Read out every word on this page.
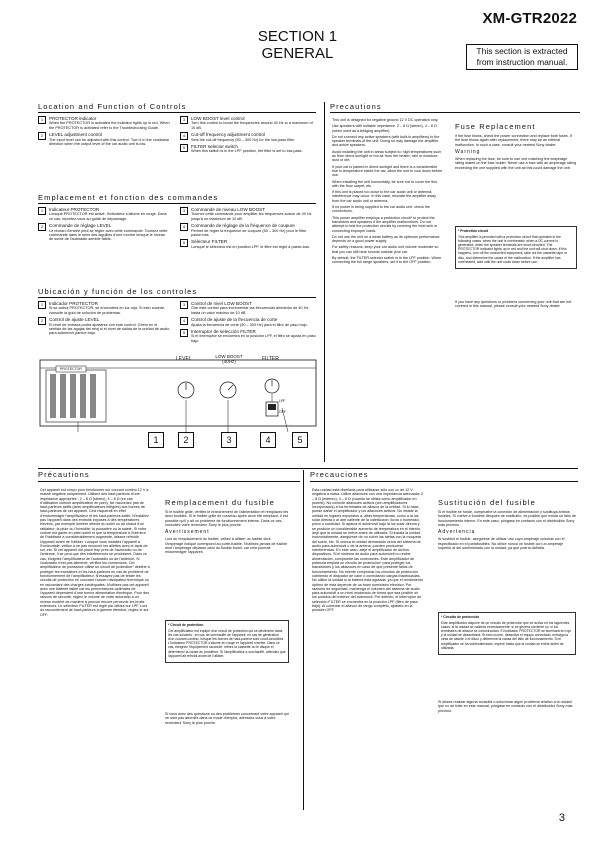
XM-GTR2022
SECTION 1
GENERAL	This section is extracted from instruction manual.
Location and Function of Controls
1	PROTECTOR indicator
When the PROTECTOR is activated the indicator lights up in red. When the PROTECTOR is activated refer to the Troubleshooting Guide.
2	LEVEL adjustment control
The input level can be adjusted with this control. Turn it in the clockwise direction when the output level of the car audio unit is low.
3	LOW BOOST level control
Turn this control to boost the frequencies around 40 Hz to a maximum of 10 dB.
4	Cut-off frequency adjustment control
Sets the cut-off frequency (50 – 300 Hz) for the low-pass filter.
5	FILTER selector switch
When this switch is in the LPF position, the filter is set to low-pass.
Emplacement et fonction des commandes
1	Indicateur PROTECTOR
Lorsque PROTECTOR est activé, l'indicateur s'allume en rouge. Dans ce cas, reportez-vous au guide de dépannage.
2	Commande de réglage LEVEL
Le niveau d'entrée peut se régler avec cette commande. Tournez cette commande dans le sens des aiguilles d'une montre lorsque le niveau de sortie de l'autoradio semble faible.
3	Commande de niveau LOW BOOST
Tournez cette commande pour amplifier les fréquences autour de 40 Hz jusqu'à un maximum de 10 dB.
4	Commande de réglage de la fréquence de coupure
Permet de régler la fréquence de coupure (50 – 300 Hz) pour le filtre passe-bas.
5	Sélecteur FILTER
Lorsque le sélecteur est en position LPF, le filtre est réglé à passe-bas.
Ubicación y función de los controles
1	Indicador PROTECTOR
Si se activa PROTECTOR, se encenderá en luz roja. Si esto sucede, consulte la guía de solución de problemas.
2	Control de ajuste LEVEL
El nivel de entrada podrá ajustarse con este control. Gírelo en el sentido de las agujas del reloj si el nivel de salida de la unidad de audio para automóvil parece bajo.
3	Control de nivel LOW BOOST
Gire este control para incrementar las frecuencias alrededor de 40 Hz hasta un valor máximo de 10 dB.
4	Control de ajuste de la frecuencia de corte
Ajusta la frecuencia de corte (50 – 300 Hz) para el filtro de paso bajo.
5	Interruptor de selección FILTER
Si el interruptor se encuentra en la posición LPF, el filtro se ajusta en paso bajo.
PROTECTOR
LEVEL	LOW BOOST
(40Hz)	FILTER
LPF
OFF
1	2	3	4	5
Precautions

This unit is designed for negative ground 12 V DC operation only.

Use speakers with suitable impedance. 2 – 8 Ω (stereo), 4 – 8 Ω (when used as a bridging amplifier).

Do not connect any active speakers (with built-in amplifiers) to the speaker terminals of the unit. Doing so may damage the amplifier and active speakers.

Avoid installing the unit in areas subject to: high temperatures such as from direct sunlight or hot air from the heater; rain or moisture; dust or dirt.

If your car is parked in direct sunlight and there is a considerable rise in temperature inside the car, allow the unit to cool down before use.

When installing the unit horizontally, be sure not to cover the fins with the floor carpet, etc.

If this unit is placed too close to the car audio unit or antenna, interference may occur. In this case, relocate the amplifier away from the car audio unit or antenna.

If no power is being supplied to the car audio unit, check the connections.

This power amplifier employs a protection circuit* to protect the transistors and speakers if the amplifier malfunctions. Do not attempt to test the protection circuits by covering the heat sink or connecting improper loads.

Do not use the unit on a weak battery as its optimum performance depends on a good power supply.

For safety reasons, keep your car audio unit volume moderate so that you can still hear sounds outside your car.

By default, the FILTER selector switch is in the LPF position. When connecting the full range speakers, set it to the OFF position.

Fuse Replacement

If the fuse blows, check the power connection and replace both fuses. If the fuse blows again after replacement, there may be an internal malfunction. In such a case, consult your nearest Sony dealer.

Warning

When replacing the fuse, be sure to use one matching the amperage rating stated on the fuse holder. Never use a fuse with an amperage rating exceeding the one supplied with the unit as this could damage the unit.

* Protection circuit

This amplifier is provided with a protection circuit that operates in the following cases: when the unit is overheated; when a DC current is generated; when the speaker terminals are short-circuited. The PROTECTOR indicator lights up in red and the unit will shut down. If this happens, turn off the connected equipment, take out the cassette tape or disc, and determine the cause of the malfunction. If the amplifier has overheated, wait until the unit cools down before use.

If you have any questions or problems concerning your unit that are not covered in this manual, please consult your nearest Sony dealer.
Précautions
Cet appareil est conçu pour fonctionner sur courant continu 12 V à masse négative uniquement. Utilisez des haut-parleurs d'une impédance appropriée : 2 – 8 Ω (stéréo), 4 – 8 Ω (en cas d'utilisation comme amplificateur en pont). Ne raccordez pas de haut-parleurs actifs (avec amplificateurs intégrés) aux bornes de haut-parleurs de cet appareil. Ceci risquerait en effet d'endommager l'amplificateur et les haut-parleurs actifs. N'installez pas l'appareil dans des endroits exposés à des températures élevées, par exemple lumière directe du soleil ou air chaud d'un radiateur; la pluie ou l'humidité; la poussière ou la saleté. Si votre voiture est garée en plein soleil et que la température à l'intérieur de l'habitacle a considérablement augmenté, laissez refroidir l'appareil avant de l'utiliser. Lorsque vous installez l'appareil à l'horizontale, veillez à ne pas recouvrir les ailettes avec le tapis de sol, etc. Si cet appareil est placé trop près de l'autoradio ou de l'antenne, il se peut que des interférences se produisent. Dans ce cas, éloignez l'amplificateur de l'autoradio ou de l'antenne. Si l'autoradio n'est pas alimenté, vérifiez les connexions. Cet amplificateur de puissance utilise un circuit de protection* destiné à protéger les transistors et les haut-parleurs en cas de problème de fonctionnement de l'amplificateur. N'essayez pas de tester les circuits de protection en couvrant l'ancien dissipateur thermique ou en raccordant des charges inadéquates. N'utilisez pas cet appareil avec une batterie faible car les performances optimales de l'appareil dépendent d'une bonne alimentation électrique. Pour des raisons de sécurité, réglez le volume de votre autoradio à un niveau modéré de manière à pouvoir encore percevoir les bruits extérieurs. Le sélecteur FILTER est réglé par défaut sur LPF. Lors du raccordement de haut-parleurs à gamme étendue, réglez-le sur OFF.
Remplacement du fusible

Si le fusible grille, vérifiez le branchement de l'alimentation et remplacez les deux fusibles. Si le fusible grille de nouveau après avoir été remplacé, il est possible qu'il y ait un problème de fonctionnement interne. Dans ce cas, consultez votre revendeur Sony le plus proche.

Avertissement

Lors du remplacement du fusible, veillez à utiliser un fusible dont l'ampérage indiqué correspond au porte-fusible. N'utilisez jamais de fusible dont l'ampérage dépasse celui du fusible fourni, car cela pourrait endommager l'appareil.

* Circuit de protection

Cet amplificateur est équipé d'un circuit de protection qui se déclenche dans les cas suivants : en cas de surchauffe de l'appareil; en cas de génération d'un courant continu; lorsque les bornes de haut-parleur sont court-circuitées. L'indicateur PROTECTOR s'allume en rouge et l'appareil s'arrête. Dans ce cas, éteignez l'équipement raccordé, retirez la cassette ou le disque et déterminez la cause du problème. Si l'amplificateur a surchauffé, attendez que l'appareil ait refroidi avant de l'utiliser.

Si vous avez des questions ou des problèmes concernant votre appareil qui ne sont pas abordés dans ce mode d'emploi, adressez-vous à votre revendeur Sony le plus proche.
Precauciones
Esta unidad está diseñada para utilizarse sólo con cc de 12 V negativa a masa. Utilice altavoces con una impedancia adecuada: 2 – 8 Ω (estéreo), 4 – 8 Ω (cuando se utiliza como amplificador en puente). No conecte altavoces activos (con amplificadores incorporados) a los terminales de altavoz de la unidad. Si lo hace, puede dañar el amplificador y los altavoces activos. No instale la unidad en lugares expuestos a: altas temperaturas, como a la luz solar directa o al aire caliente de la calefacción; lluvia o humedad; polvo o suciedad. Si aparca el automóvil bajo la luz solar directa y se produce un considerable aumento de temperatura en el interior, deje que la unidad se enfríe antes de utilizarla. Si instala la unidad horizontalmente, asegúrese de no cubrir las aletas con la moqueta del suelo, etc. Si coloca la unidad demasiado cerca del sistema de audio para automóvil o de la antena, pueden producirse interferencias. En este caso, aleje el amplificador de dichos dispositivos. Si el sistema de audio para automóvil no recibe alimentación, compruebe las conexiones. Este amplificador de potencia emplea un circuito de protección* para proteger los transistores y los altavoces en caso de que presente fallos de funcionamiento. No intente comprobar los circuitos de protección cubriendo el disipador de calor o conectando cargas inadecuadas. No utilice la unidad si la batería está agotada, ya que el rendimiento óptimo de ésta depende de un buen suministro eléctrico. Por razones de seguridad, mantenga el volumen del sistema de audio para automóvil a un nivel moderado de forma que sea posible oír los sonidos del exterior del automóvil. Por defecto, el interruptor de selección FILTER se encuentra en la posición LPF (filtro de paso bajo). Al conectar el altavoz de rango completo, ajústelo en la posición OFF.
Sustitución del fusible

Si el fusible se funde, compruebe la conexión de alimentación y sustituya ambos fusibles. Si vuelve a fundirse después de sustituirlo, es posible que exista un fallo de funcionamiento interno. En este caso, póngase en contacto con el distribuidor Sony más próximo.

Advertencia

Al sustituir el fusible, asegúrese de utilizar uno cuyo amperaje coincida con el especificado en el portafusibles. No utilice nunca un fusible con un amperaje superior al del suministrado con la unidad, ya que podría dañarla.

* Circuito de protección

Este amplificador dispone de un circuito de protección que se activa en los siguientes casos: si la unidad se calienta excesivamente; si se genera corriente cc; si los terminales de altavoz se cortocircuitan. El indicador PROTECTOR se iluminará en rojo y la unidad se desactivará. Si esto ocurre, desactive el equipo conectado, extraiga la cinta de casete o el disco y determine la causa del fallo de funcionamiento. Si el amplificador se ha sobrecalentado, espere hasta que la unidad se enfríe antes de utilizarla.

Si desea realizar alguna consulta o solucionar algún problema relativo a la unidad que no se trate en este manual, póngase en contacto con el distribuidor Sony más próximo.
3
